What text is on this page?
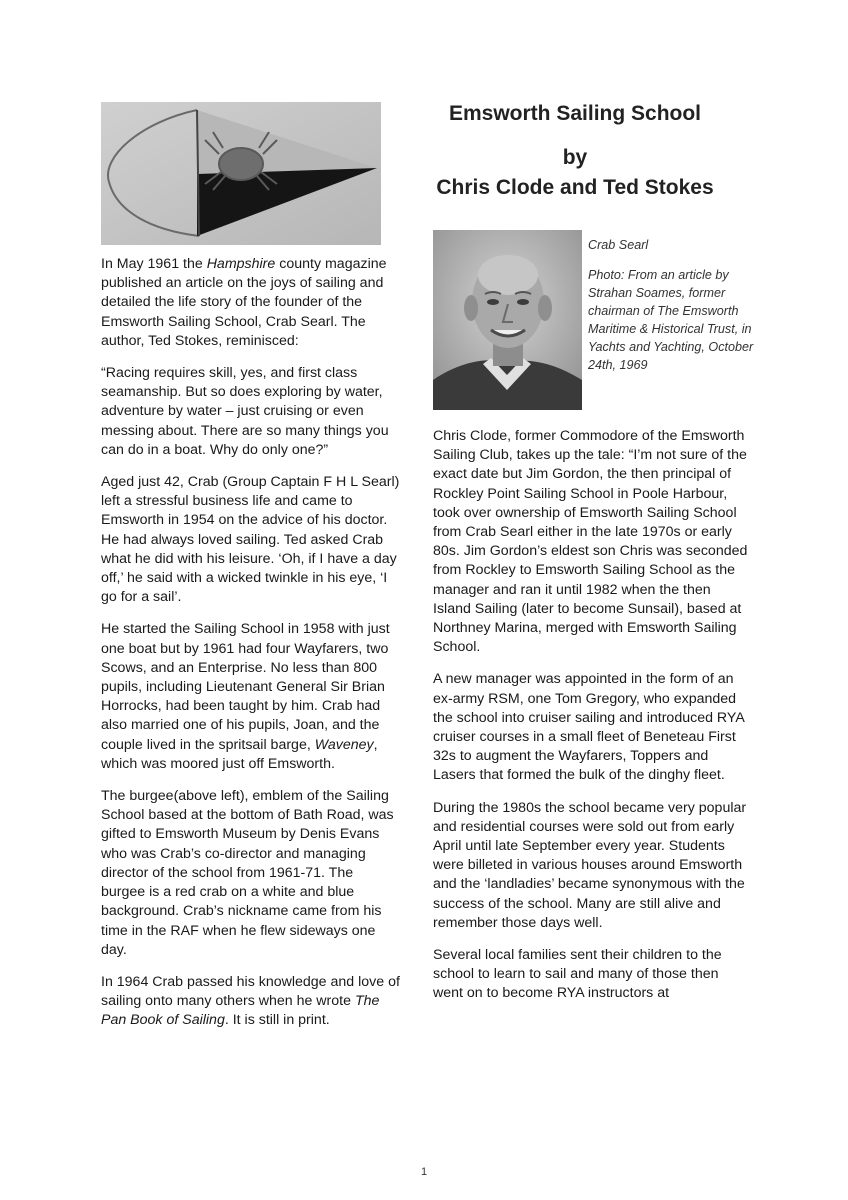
In May 1961 the Hampshire county magazine published an article on the joys of sailing and detailed the life story of the founder of the Emsworth Sailing School, Crab Searl. The author, Ted Stokes, reminisced:

“Racing requires skill, yes, and first class seamanship. But so does exploring by water, adventure by water – just cruising or even messing about. There are so many things you can do in a boat. Why do only one?”

Aged just 42, Crab (Group Captain F H L Searl) left a stressful business life and came to Emsworth in 1954 on the advice of his doctor. He had always loved sailing. Ted asked Crab what he did with his leisure. ‘Oh, if I have a day off,’ he said with a wicked twinkle in his eye, ‘I go for a sail’.

He started the Sailing School in 1958 with just one boat but by 1961 had four Wayfarers, two Scows, and an Enterprise. No less than 800 pupils, including Lieutenant General Sir Brian Horrocks, had been taught by him. Crab had also married one of his pupils, Joan, and the couple lived in the spritsail barge, Waveney, which was moored just off Emsworth.

The burgee(above left), emblem of the Sailing School based at the bottom of Bath Road, was gifted to Emsworth Museum by Denis Evans who was Crab’s co-director and managing director of the school from 1961-71. The burgee is a red crab on a white and blue background. Crab’s nickname came from his time in the RAF when he flew sideways one day.

In 1964 Crab passed his knowledge and love of sailing onto many others when he wrote The Pan Book of Sailing. It is still in print.

Emsworth Sailing School
by
Chris Clode and Ted Stokes
Crab Searl
Photo: From an article by Strahan Soames, former chairman of The Emsworth Maritime & Historical Trust, in Yachts and Yachting, October 24th, 1969

Chris Clode, former Commodore of the Emsworth Sailing Club, takes up the tale: “I’m not sure of the exact date but Jim Gordon, the then principal of Rockley Point Sailing School in Poole Harbour, took over ownership of Emsworth Sailing School from Crab Searl either in the late 1970s or early 80s. Jim Gordon’s eldest son Chris was seconded from Rockley to Emsworth Sailing School as the manager and ran it until 1982 when the then Island Sailing (later to become Sunsail), based at Northney Marina, merged with Emsworth Sailing School.

A new manager was appointed in the form of an ex-army RSM, one Tom Gregory, who expanded the school into cruiser sailing and introduced RYA cruiser courses in a small fleet of Beneteau First 32s to augment the Wayfarers, Toppers and Lasers that formed the bulk of the dinghy fleet.

During the 1980s the school became very popular and residential courses were sold out from early April until late September every year. Students were billeted in various houses around Emsworth and the ‘landladies’ became synonymous with the success of the school. Many are still alive and remember those days well.

Several local families sent their children to the school to learn to sail and many of those then went on to become RYA instructors at

1
